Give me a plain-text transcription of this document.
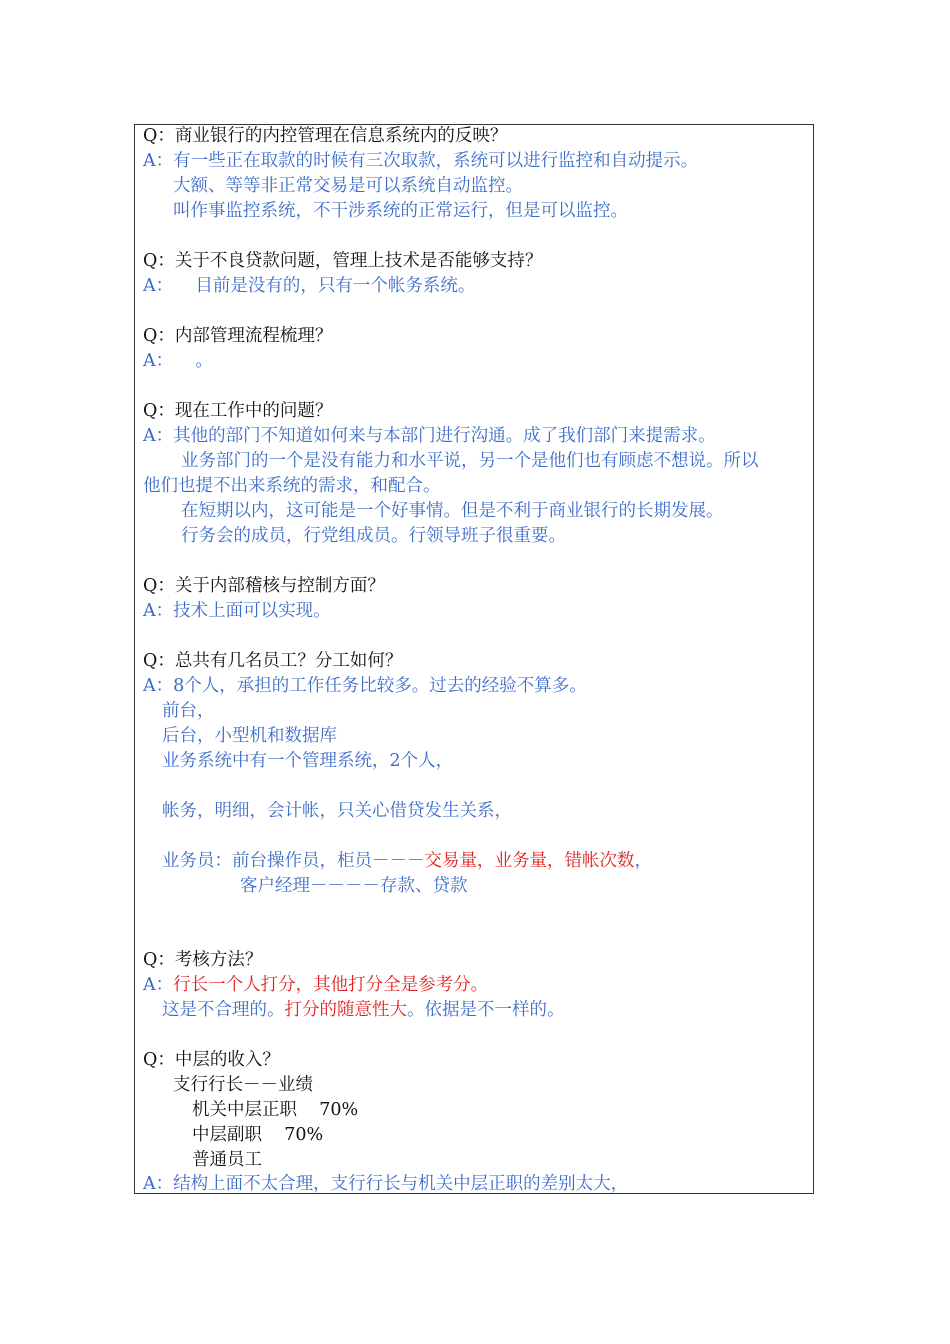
Q：商业银行的内控管理在信息系统内的反映？
A：有一些正在取款的时候有三次取款，系统可以进行监控和自动提示。
大额、等等非正常交易是可以系统自动监控。
叫作事监控系统，不干涉系统的正常运行，但是可以监控。
Q：关于不良贷款问题，管理上技术是否能够支持？
A：    目前是没有的，只有一个帐务系统。
Q：内部管理流程梳理？
A：    。
Q：现在工作中的问题？
A：其他的部门不知道如何来与本部门进行沟通。成了我们部门来提需求。
业务部门的一个是没有能力和水平说，另一个是他们也有顾虑不想说。所以
他们也提不出来系统的需求，和配合。
在短期以内，这可能是一个好事情。但是不利于商业银行的长期发展。
行务会的成员，行党组成员。行领导班子很重要。
Q：关于内部稽核与控制方面？
A：技术上面可以实现。
Q：总共有几名员工？分工如何？
A：8个人，承担的工作任务比较多。过去的经验不算多。
前台，
后台，小型机和数据库
业务系统中有一个管理系统，2个人，
帐务，明细，会计帐，只关心借贷发生关系，
业务员：前台操作员，柜员－－－交易量，业务量，错帐次数，
客户经理－－－－存款、贷款
Q：考核方法？
A：行长一个人打分，其他打分全是参考分。
这是不合理的。打分的随意性大。依据是不一样的。
Q：中层的收入？
支行行长－－业绩
机关中层正职    70%
中层副职    70%
普通员工
A：结构上面不太合理，支行行长与机关中层正职的差别太大，
